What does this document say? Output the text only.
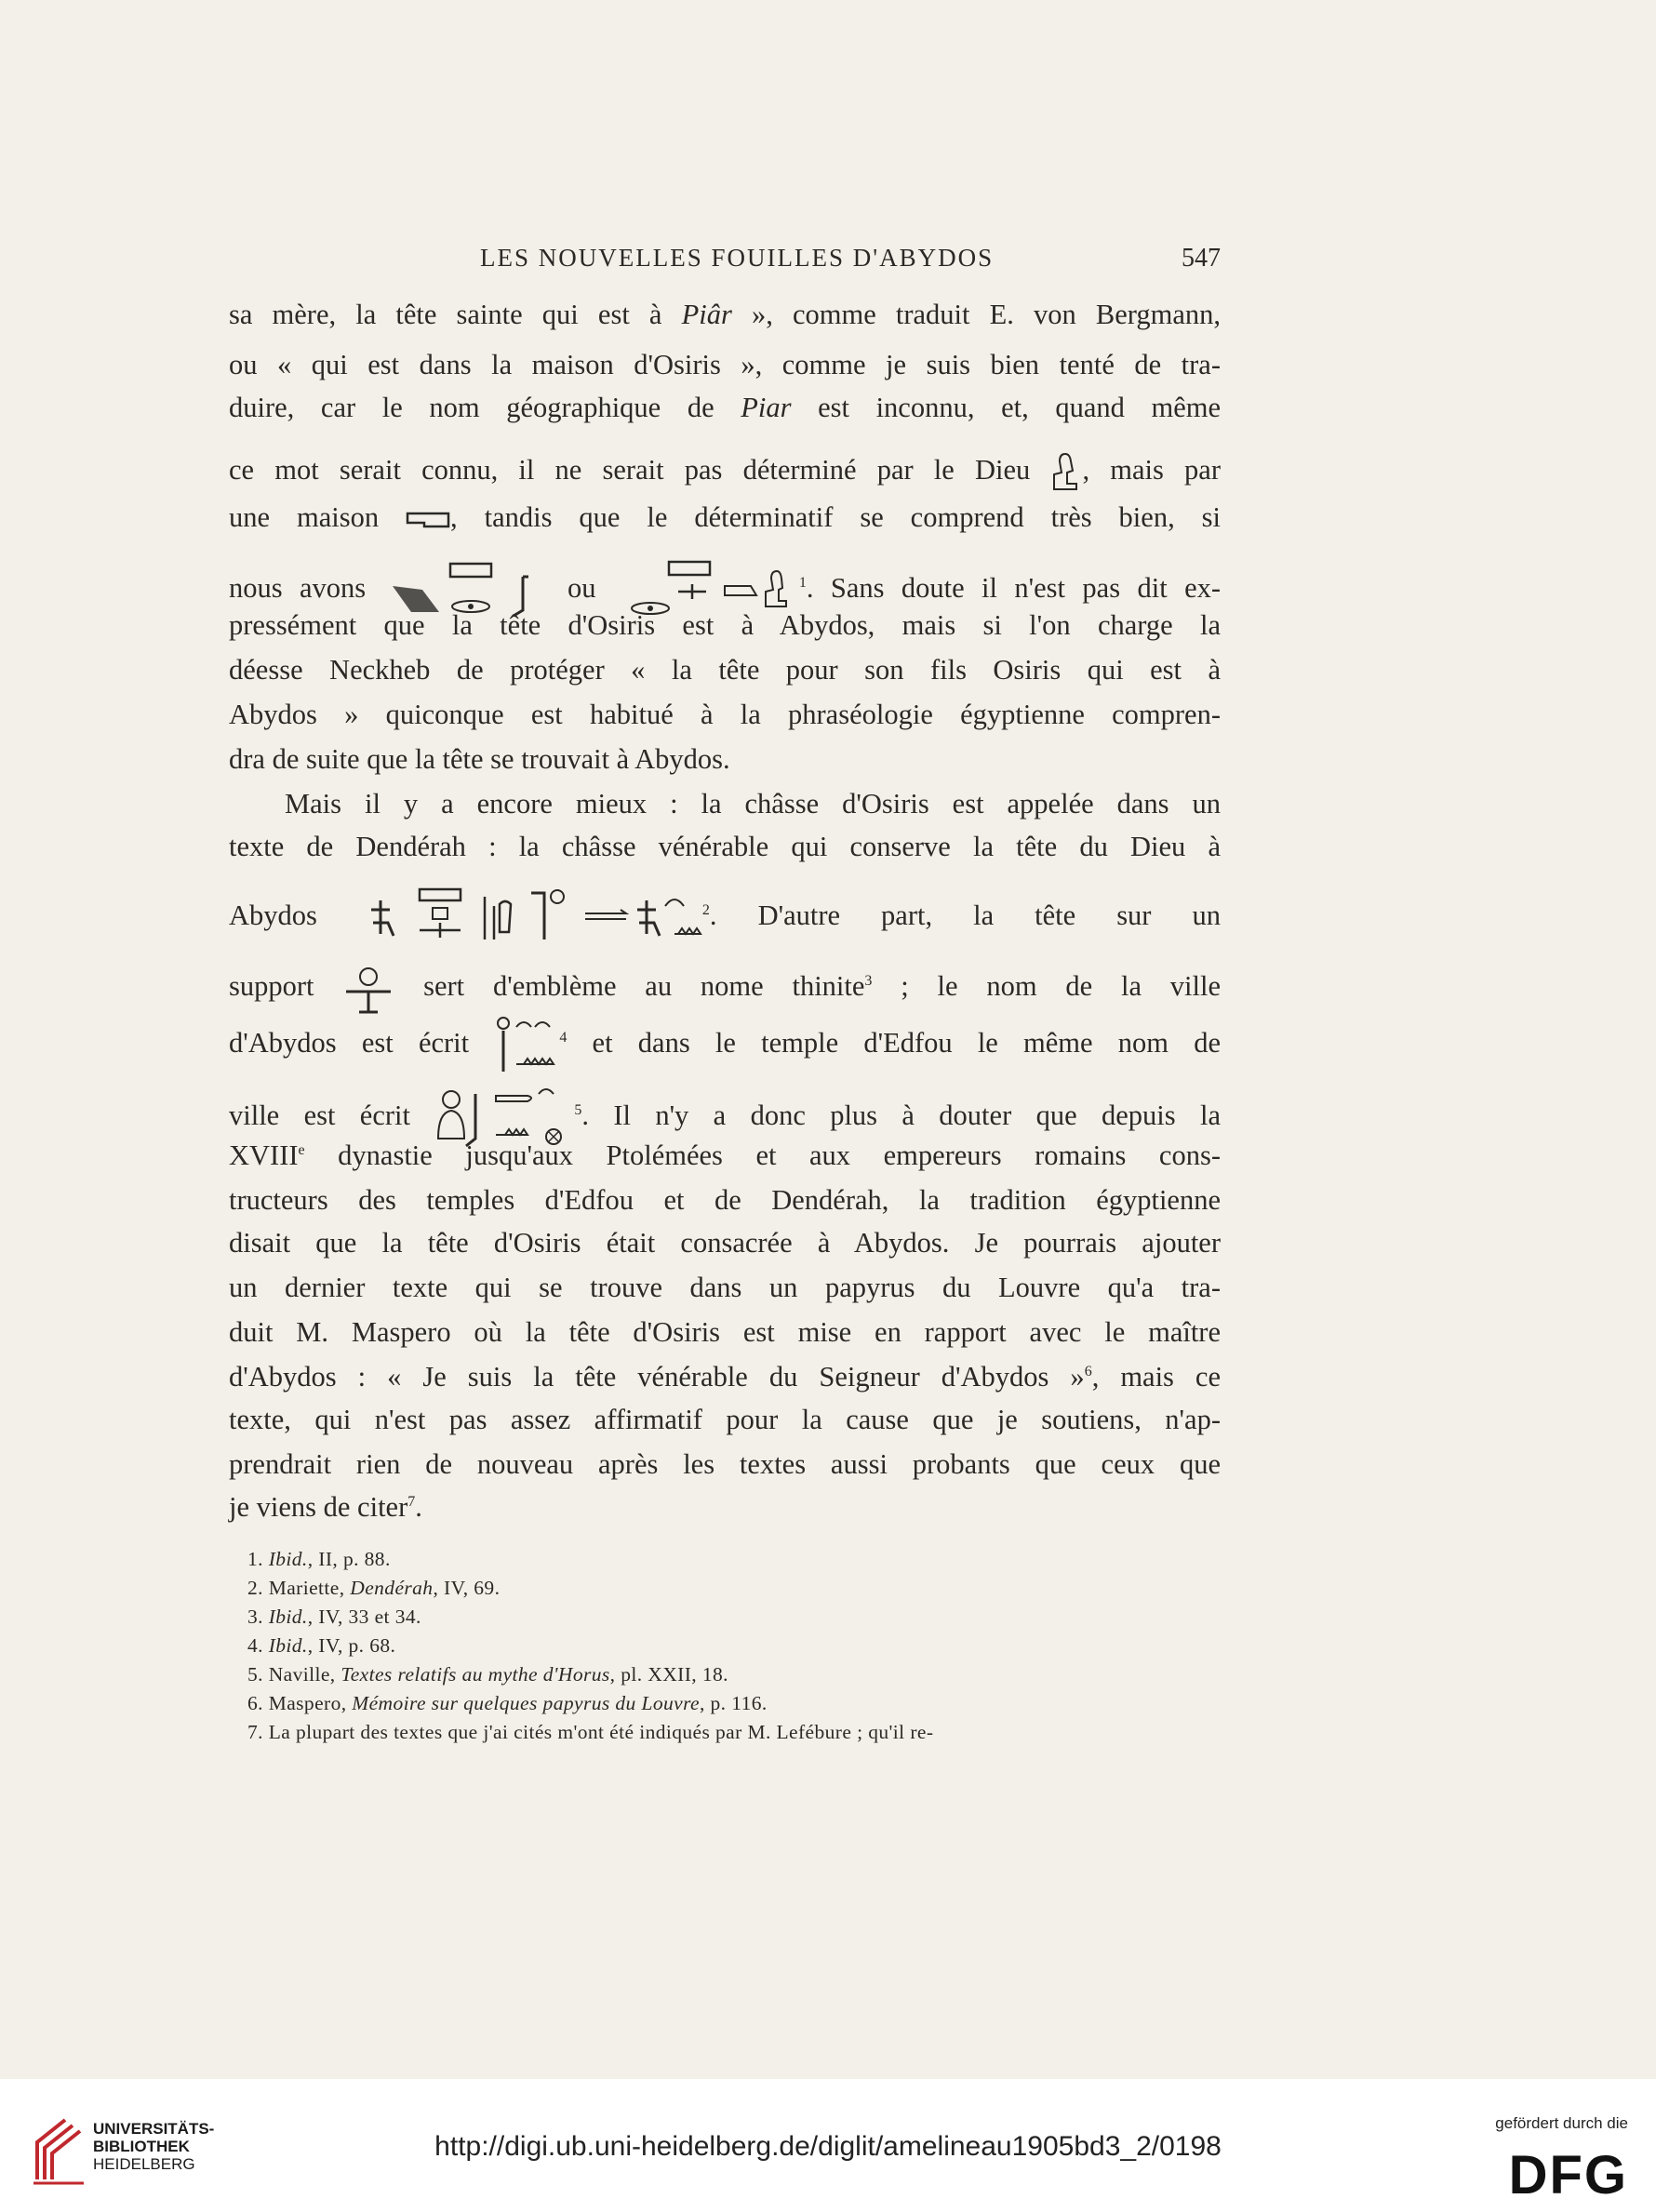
LES NOUVELLES FOUILLES D'ABYDOS	547
sa mère, la tête sainte qui est à Piâr », comme traduit E. von Bergmann,
ou « qui est dans la maison d'Osiris », comme je suis bien tenté de tra-
duire, car le nom géographique de Piar est inconnu, et, quand même
ce mot serait connu, il ne serait pas déterminé par le Dieu
, mais par
une maison
, tandis que le déterminatif se comprend très bien, si
nous avons	ou	$^1$. Sans doute il n'est pas dit ex-
pressément que la tête d'Osiris est à Abydos, mais si l'on charge la
déesse Neckheb de protéger « la tête pour son fils Osiris qui est à
Abydos » quiconque est habitué à la phraséologie égyptienne compren-
dra de suite que la tête se trouvait à Abydos.
Mais il y a encore mieux : la châsse d'Osiris est appelée dans un
texte de Dendérah : la châsse vénérable qui conserve la tête du Dieu à
Abydos	$^2$. D'autre part, la tête sur un
support
sert d'emblème au nome thinite$^3$ ; le nom de la ville
d'Abydos est écrit	$^4$ et dans le temple d'Edfou le même nom de
ville est écrit	$^5$. Il n'y a donc plus à douter que depuis la
XVIIIe dynastie jusqu'aux Ptolémées et aux empereurs romains cons-
tructeurs des temples d'Edfou et de Dendérah, la tradition égyptienne
disait que la tête d'Osiris était consacrée à Abydos. Je pourrais ajouter
un dernier texte qui se trouve dans un papyrus du Louvre qu'a tra-
duit M. Maspero où la tête d'Osiris est mise en rapport avec le maître
d'Abydos : « Je suis la tête vénérable du Seigneur d'Abydos »$^6$, mais ce
texte, qui n'est pas assez affirmatif pour la cause que je soutiens, n'ap-
prendrait rien de nouveau après les textes aussi probants que ceux que
je viens de citer$^7$.
1. Ibid., II, p. 88.
2. Mariette, Dendérah, IV, 69.
3. Ibid., IV, 33 et 34.
4. Ibid., IV, p. 68.
5. Naville, Textes relatifs au mythe d'Horus, pl. XXII, 18.
6. Maspero, Mémoire sur quelques papyrus du Louvre, p. 116.
7. La plupart des textes que j'ai cités m'ont été indiqués par M. Lefébure ; qu'il re-
UNIVERSITÄTS-
BIBLIOTHEK
HEIDELBERG
http://digi.ub.uni-heidelberg.de/diglit/amelineau1905bd3_2/0198
gefördert durch die
DFG
